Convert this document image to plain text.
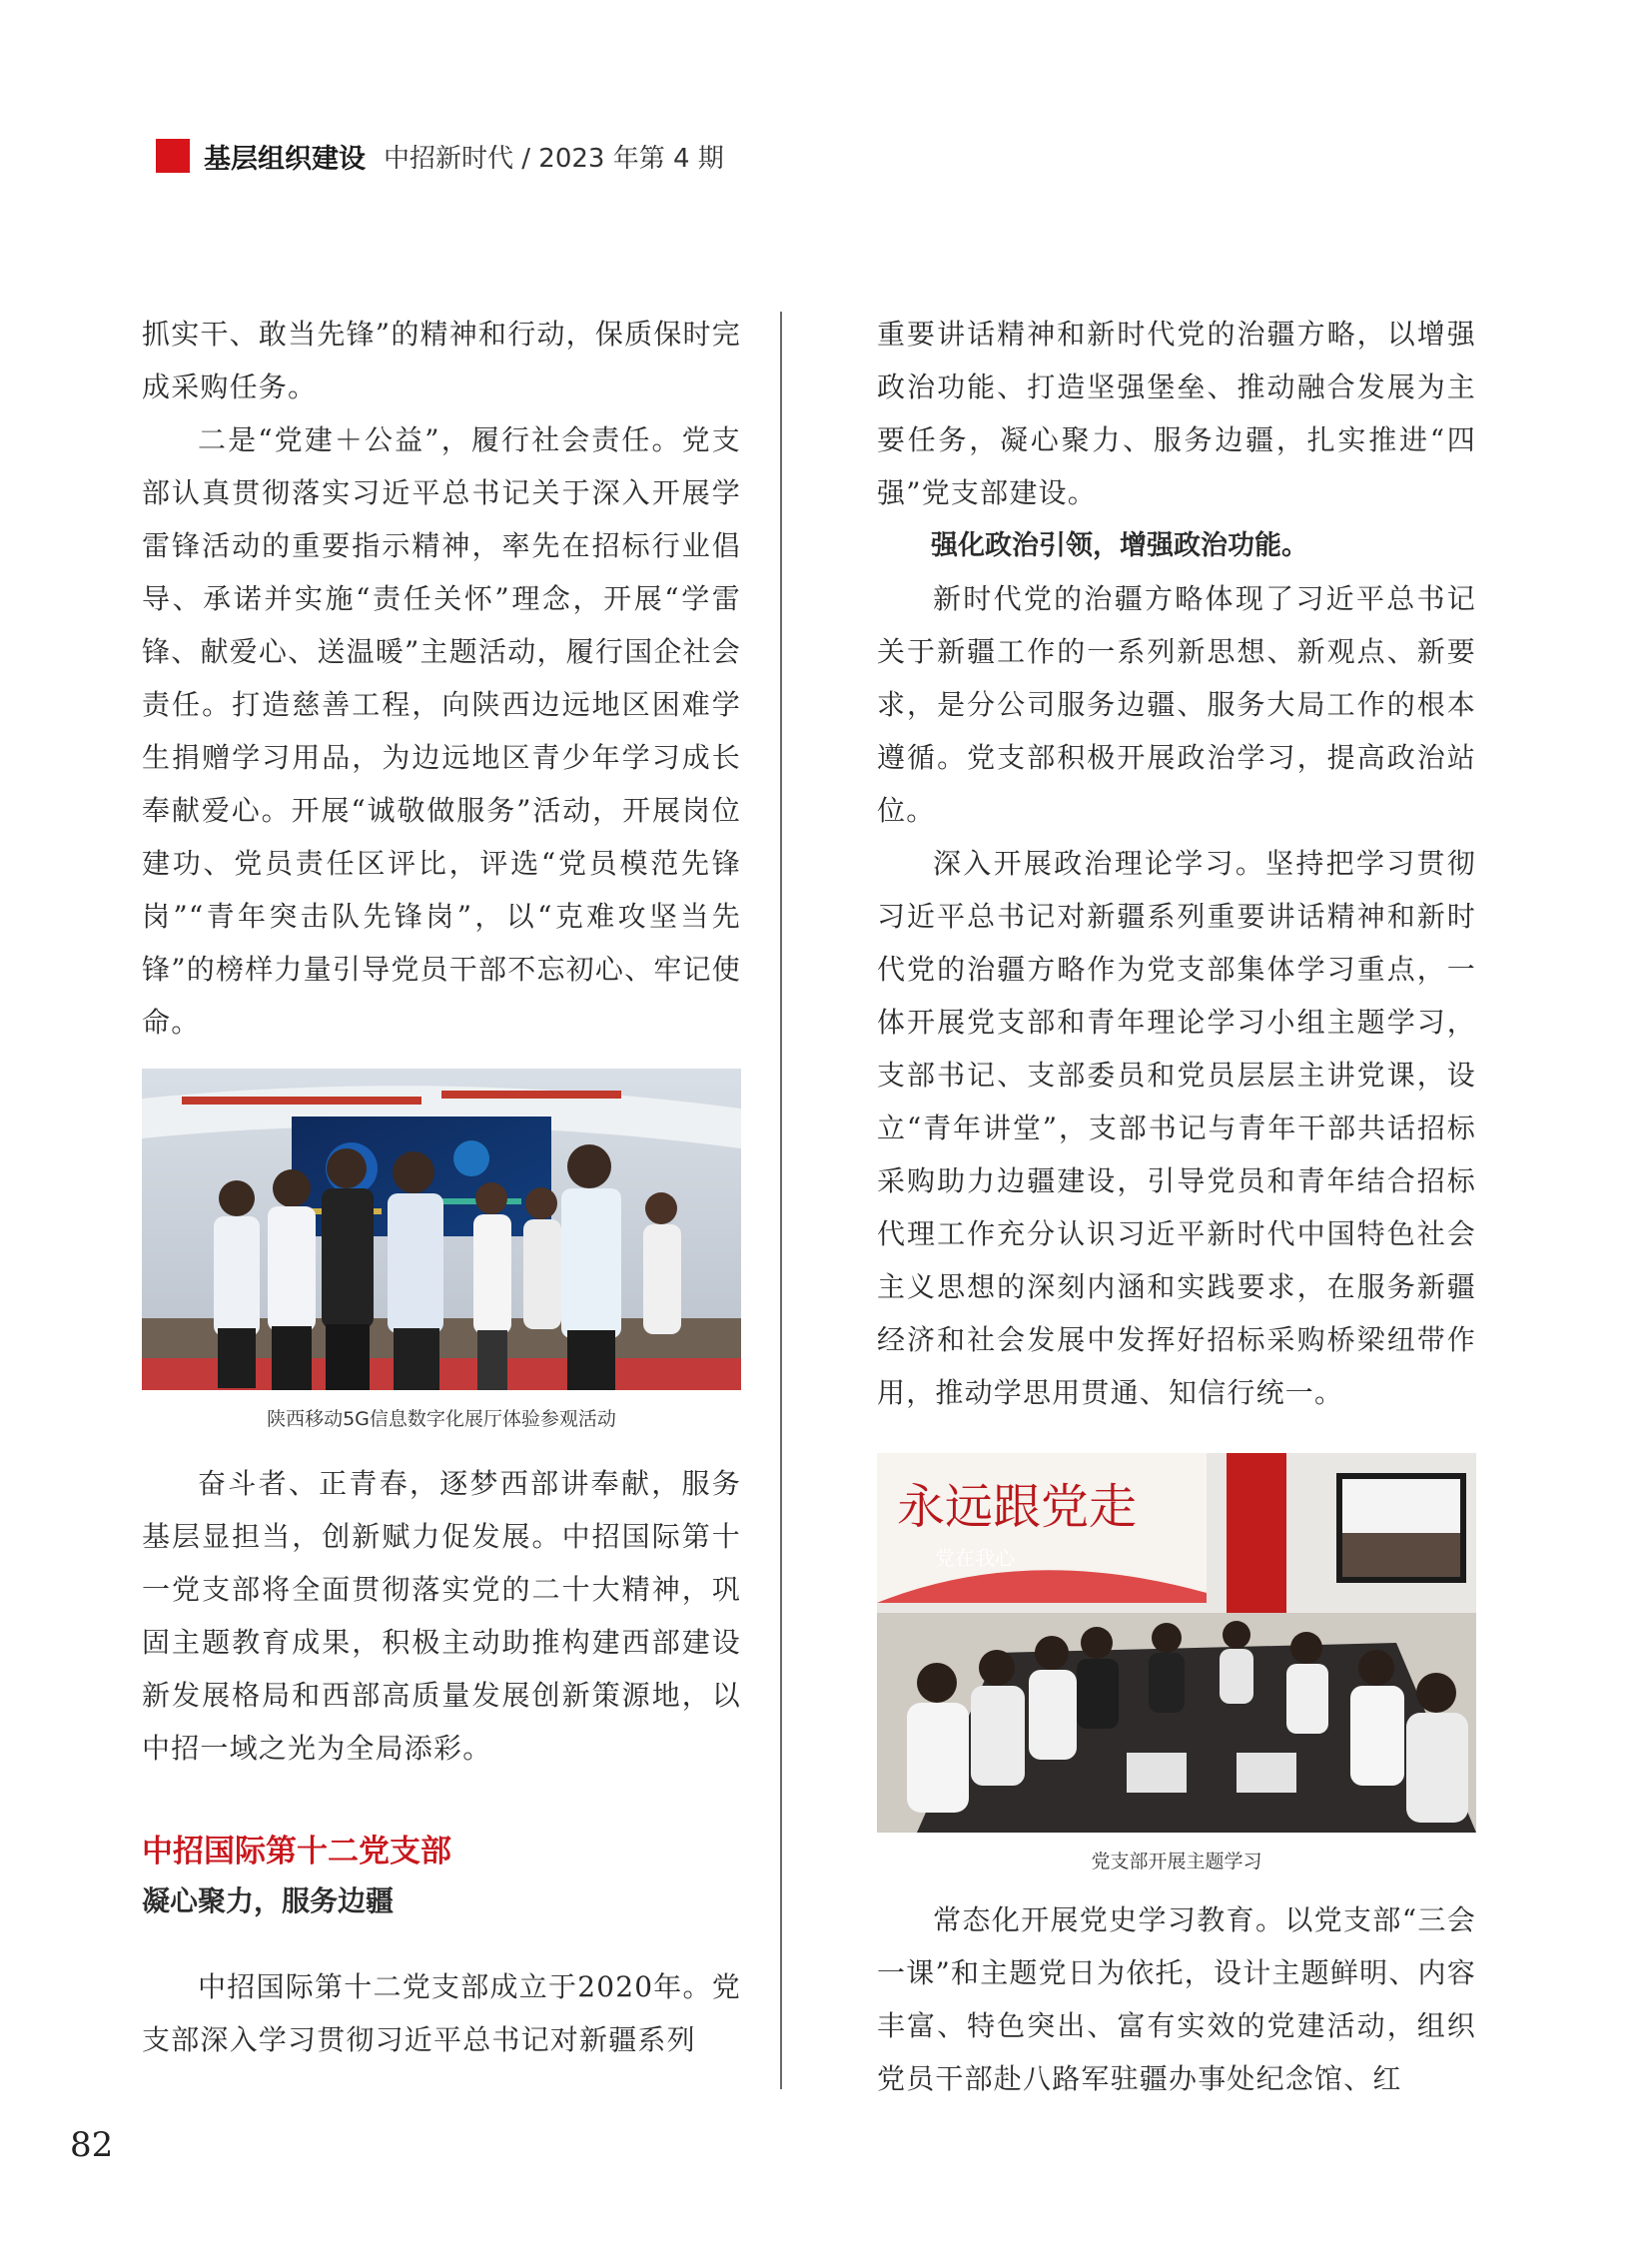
基层组织建设 中招新时代 / 2023 年第 4 期

抓实干、敢当先锋”的精神和行动，保质保时完成采购任务。

二是“党建＋公益”，履行社会责任。党支部认真贯彻落实习近平总书记关于深入开展学雷锋活动的重要指示精神，率先在招标行业倡导、承诺并实施“责任关怀”理念，开展“学雷锋、献爱心、送温暖”主题活动，履行国企社会责任。打造慈善工程，向陕西边远地区困难学生捐赠学习用品，为边远地区青少年学习成长奉献爱心。开展“诚敬做服务”活动，开展岗位建功、党员责任区评比，评选“党员模范先锋岗”“青年突击队先锋岗”，以“克难攻坚当先锋”的榜样力量引导党员干部不忘初心、牢记使命。

陕西移动5G信息数字化展厅体验参观活动

奋斗者、正青春，逐梦西部讲奉献，服务基层显担当，创新赋力促发展。中招国际第十一党支部将全面贯彻落实党的二十大精神，巩固主题教育成果，积极主动助推构建西部建设新发展格局和西部高质量发展创新策源地，以中招一域之光为全局添彩。

中招国际第十二党支部

凝心聚力，服务边疆

中招国际第十二党支部成立于2020年。党支部深入学习贯彻习近平总书记对新疆系列

重要讲话精神和新时代党的治疆方略，以增强政治功能、打造坚强堡垒、推动融合发展为主要任务，凝心聚力、服务边疆，扎实推进“四强”党支部建设。

强化政治引领，增强政治功能。

新时代党的治疆方略体现了习近平总书记关于新疆工作的一系列新思想、新观点、新要求，是分公司服务边疆、服务大局工作的根本遵循。党支部积极开展政治学习，提高政治站位。

深入开展政治理论学习。坚持把学习贯彻习近平总书记对新疆系列重要讲话精神和新时代党的治疆方略作为党支部集体学习重点，一体开展党支部和青年理论学习小组主题学习，支部书记、支部委员和党员层层主讲党课，设立“青年讲堂”，支部书记与青年干部共话招标采购助力边疆建设，引导党员和青年结合招标代理工作充分认识习近平新时代中国特色社会主义思想的深刻内涵和实践要求，在服务新疆经济和社会发展中发挥好招标采购桥梁纽带作用，推动学思用贯通、知信行统一。

永远跟党走
党在我心

党支部开展主题学习

常态化开展党史学习教育。以党支部“三会一课”和主题党日为依托，设计主题鲜明、内容丰富、特色突出、富有实效的党建活动，组织党员干部赴八路军驻疆办事处纪念馆、红

82
